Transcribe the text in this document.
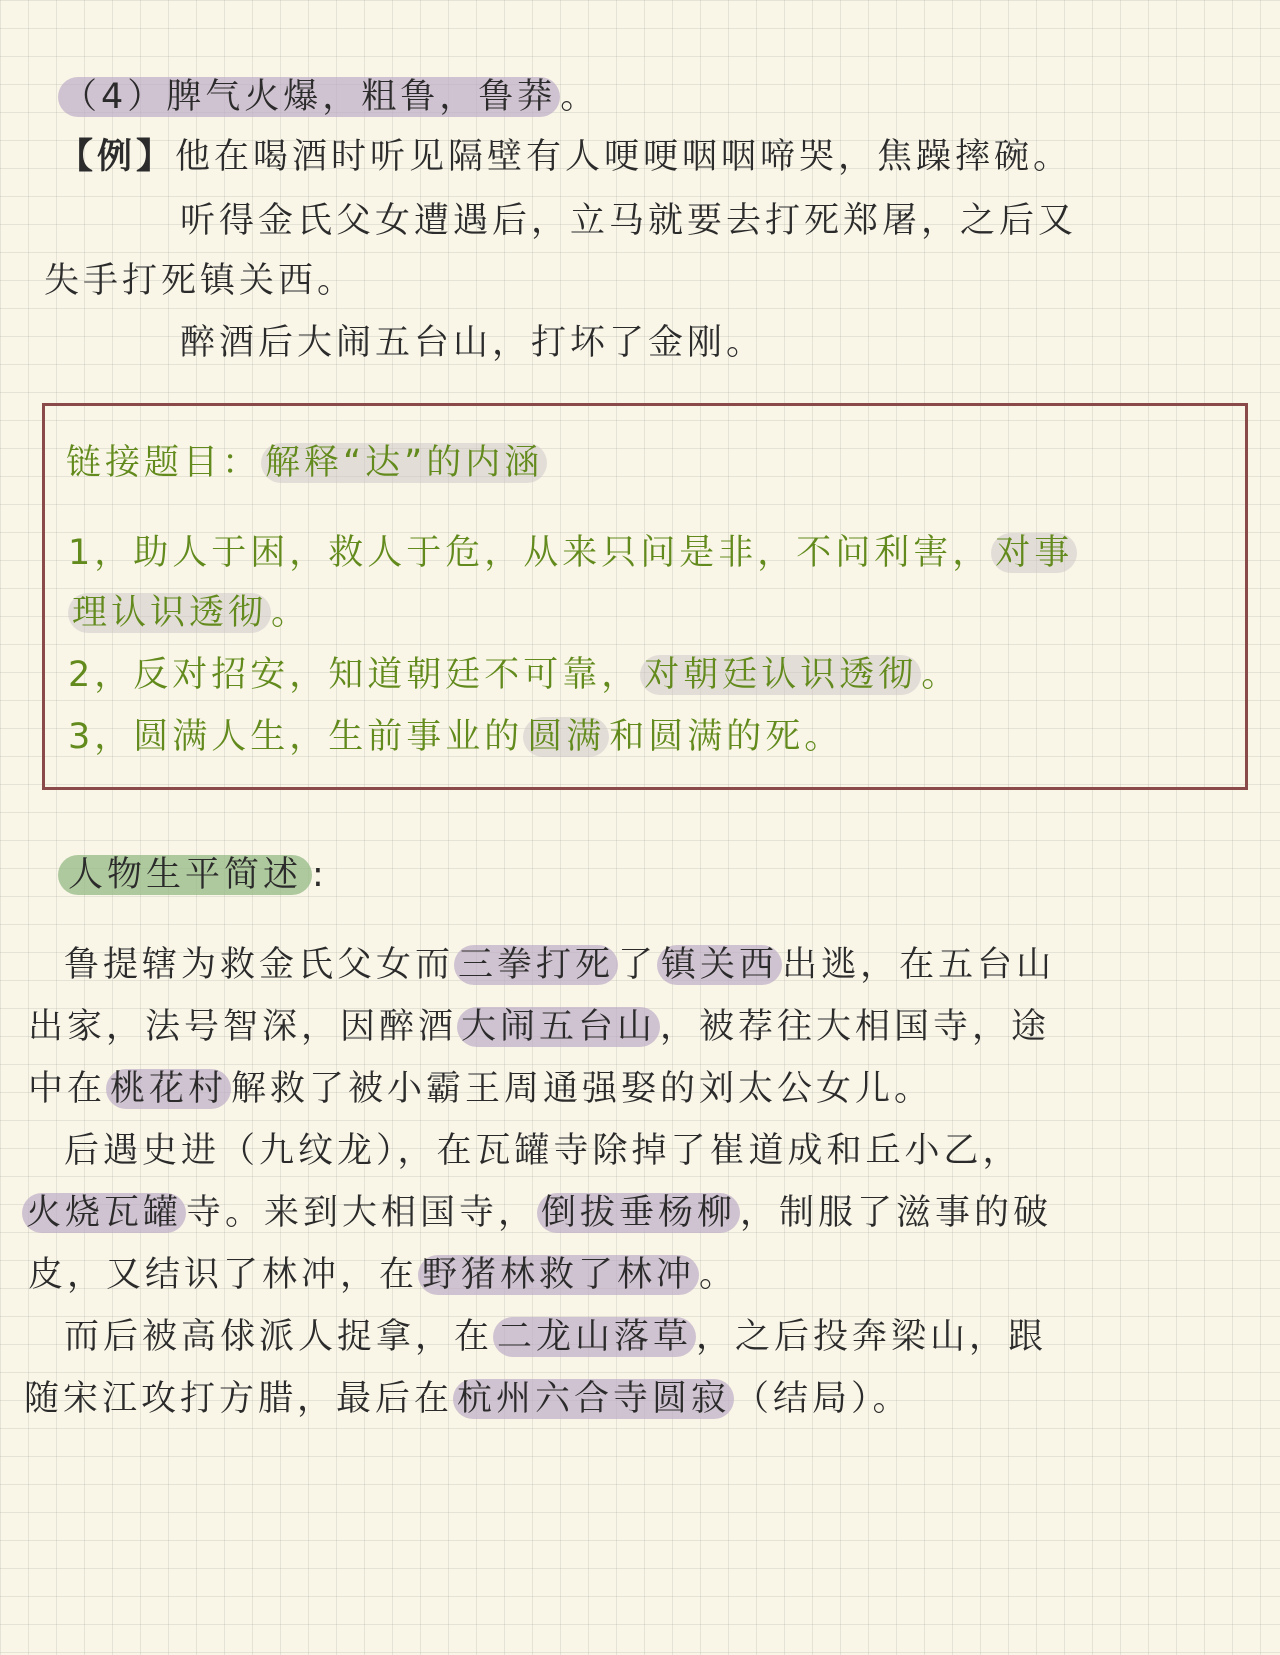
（4）脾气火爆，粗鲁，鲁莽 。
【例】他在喝酒时听见隔壁有人哽哽咽咽啼哭，焦躁摔碗。
听得金氏父女遭遇后，立马就要去打死郑屠，之后又
失手打死镇关西。
醉酒后大闹五台山，打坏了金刚。
链接题目： 解释“达”的内涵
1，助人于困，救人于危，从来只问是非，不问利害， 对事
理认识透彻 。
2，反对招安，知道朝廷不可靠， 对朝廷认识透彻 。
3，圆满人生，生前事业的 圆满 和圆满的死。
人物生平简述 :
鲁提辖为救金氏父女而 三拳打死 了 镇关西 出逃，在五台山
出家，法号智深，因醉酒 大闹五台山 ，被荐往大相国寺，途
中在 桃花村 解救了被小霸王周通强娶的刘太公女儿。
后遇史进（九纹龙），在瓦罐寺除掉了崔道成和丘小乙，
火烧瓦罐 寺。来到大相国寺， 倒拔垂杨柳 ，制服了滋事的破
皮，又结识了林冲，在 野猪林救了林冲 。
而后被高俅派人捉拿，在 二龙山落草 ，之后投奔梁山，跟
随宋江攻打方腊，最后在 杭州六合寺圆寂 （结局）。
